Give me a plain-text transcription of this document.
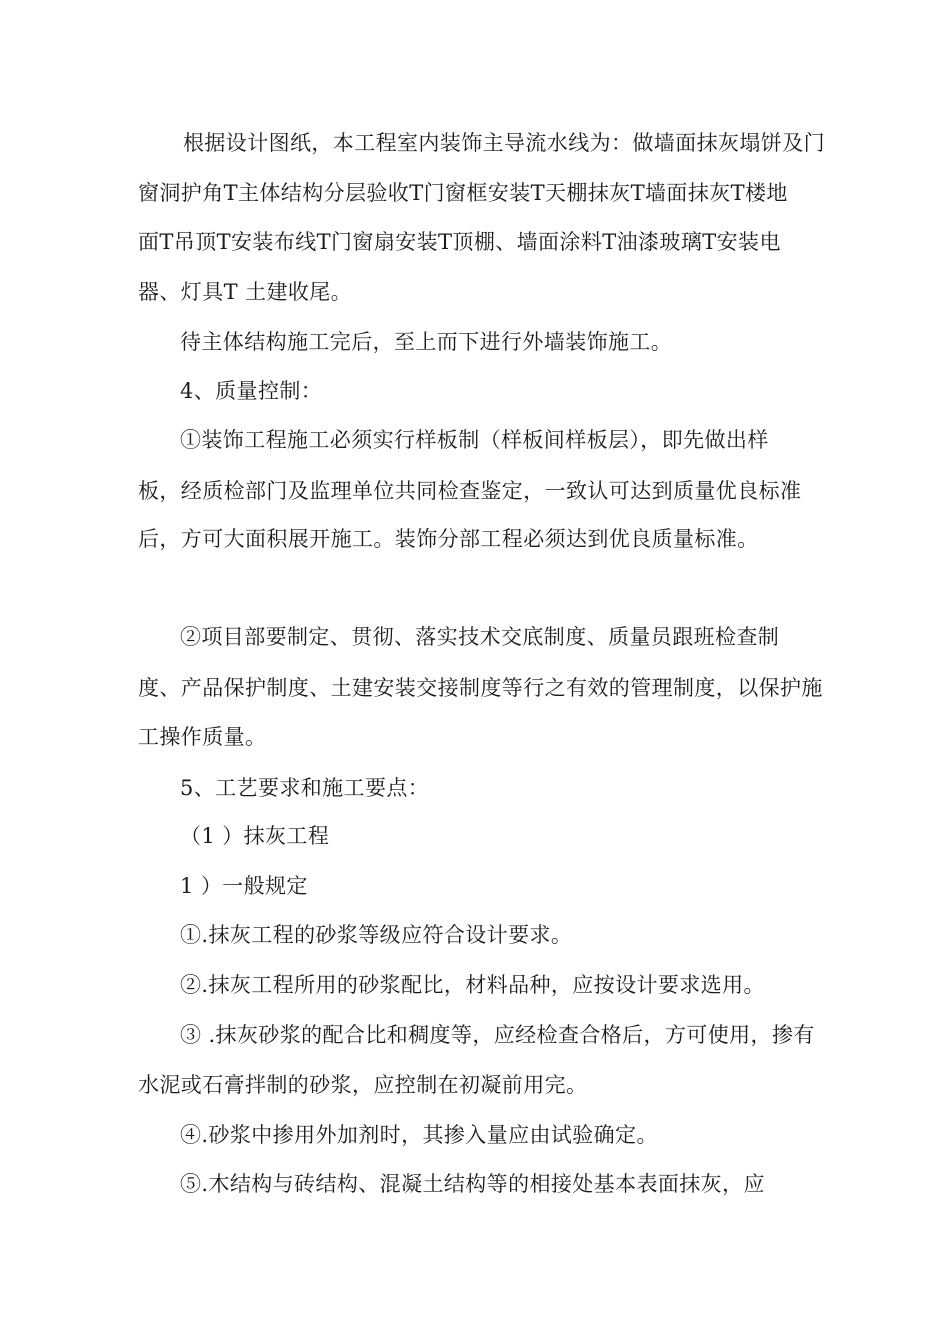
根据设计图纸，本工程室内装饰主导流水线为：做墙面抹灰塌饼及门
窗洞护角T主体结构分层验收T门窗框安装T天棚抹灰T墙面抹灰T楼地
面T吊顶T安装布线T门窗扇安装T顶棚、墙面涂料T油漆玻璃T安装电
器、灯具T 土建收尾。
待主体结构施工完后，至上而下进行外墙装饰施工。
4、质量控制：
①装饰工程施工必须实行样板制（样板间样板层），即先做出样
板，经质检部门及监理单位共同检查鉴定，一致认可达到质量优良标准
后，方可大面积展开施工。装饰分部工程必须达到优良质量标准。
②项目部要制定、贯彻、落实技术交底制度、质量员跟班检查制
度、产品保护制度、土建安装交接制度等行之有效的管理制度，以保护施
工操作质量。
5、工艺要求和施工要点：
（1 ）抹灰工程
1 ）一般规定
①.抹灰工程的砂浆等级应符合设计要求。
②.抹灰工程所用的砂浆配比，材料品种，应按设计要求选用。
③ .抹灰砂浆的配合比和稠度等，应经检查合格后，方可使用，掺有
水泥或石膏拌制的砂浆，应控制在初凝前用完。
④.砂浆中掺用外加剂时，其掺入量应由试验确定。
⑤.木结构与砖结构、混凝土结构等的相接处基本表面抹灰，应
